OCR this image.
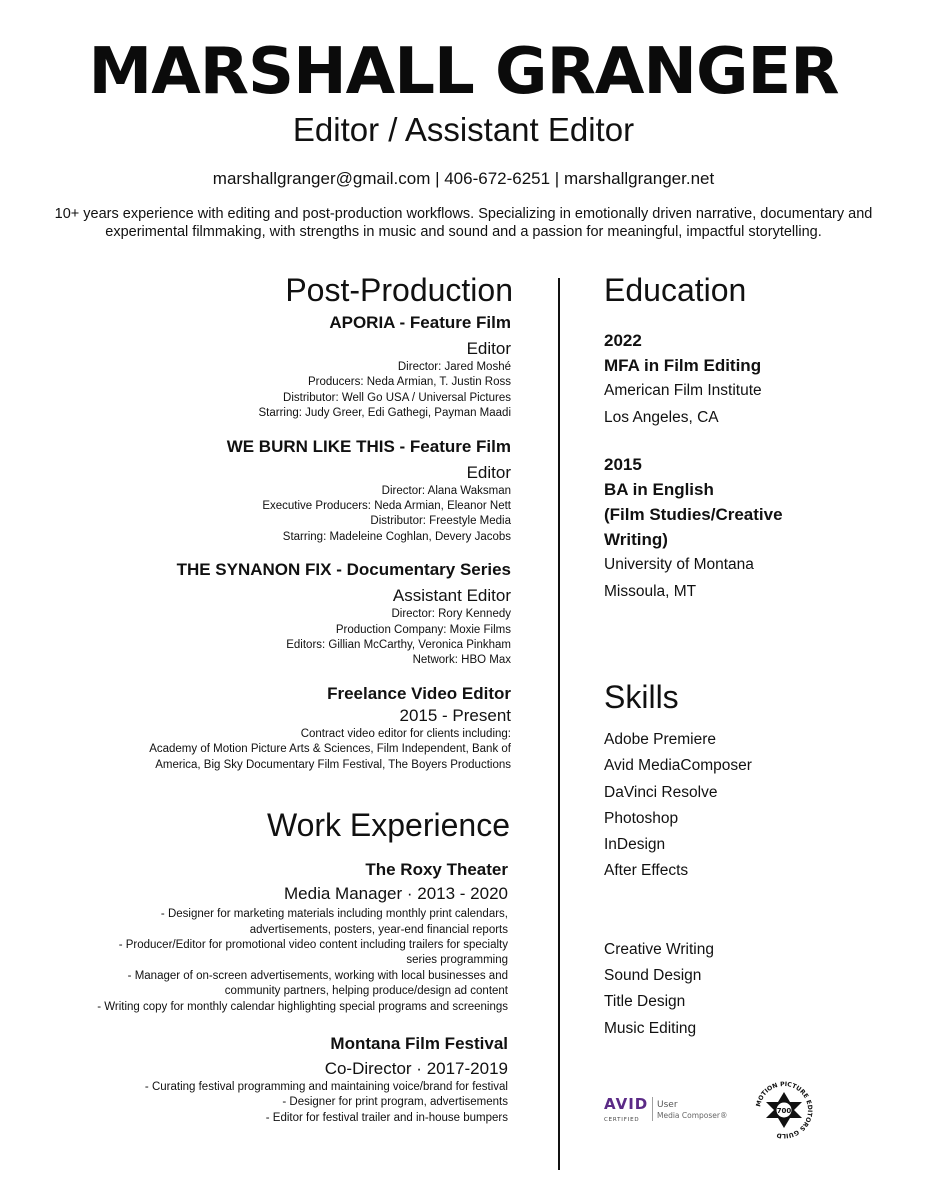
MARSHALL GRANGER
Editor / Assistant Editor
marshallgranger@gmail.com | 406-672-6251 | marshallgranger.net
10+ years experience with editing and post-production workflows. Specializing in emotionally driven narrative, documentary and experimental filmmaking, with strengths in music and sound and a passion for meaningful, impactful storytelling.
Post-Production
APORIA - Feature Film
Editor
Director: Jared Moshé
Producers: Neda Armian, T. Justin Ross
Distributor: Well Go USA / Universal Pictures
Starring: Judy Greer, Edi Gathegi, Payman Maadi
WE BURN LIKE THIS - Feature Film
Editor
Director: Alana Waksman
Executive Producers: Neda Armian, Eleanor Nett
Distributor: Freestyle Media
Starring: Madeleine Coghlan, Devery Jacobs
THE SYNANON FIX - Documentary Series
Assistant Editor
Director: Rory Kennedy
Production Company: Moxie Films
Editors: Gillian McCarthy, Veronica Pinkham
Network: HBO Max
Freelance Video Editor
2015 - Present
Contract video editor for clients including:
Academy of Motion Picture Arts & Sciences, Film Independent, Bank of
America, Big Sky Documentary Film Festival, The Boyers Productions
Work Experience
The Roxy Theater
Media Manager · 2013 - 2020
- Designer for marketing materials including monthly print calendars,
advertisements, posters, year-end financial reports
- Producer/Editor for promotional video content including trailers for specialty
series programming
- Manager of on-screen advertisements, working with local businesses and
community partners, helping produce/design ad content
- Writing copy for monthly calendar highlighting special programs and screenings
Montana Film Festival
Co-Director · 2017-2019
- Curating festival programming and maintaining voice/brand for festival
- Designer for print program, advertisements
- Editor for festival trailer and in-house bumpers
Education
2022
MFA in Film Editing
American Film Institute
Los Angeles, CA
2015
BA in English
(Film Studies/Creative
Writing)
University of Montana
Missoula, MT
Skills
Adobe Premiere
Avid MediaComposer
DaVinci Resolve
Photoshop
InDesign
After Effects
Creative Writing
Sound Design
Title Design
Music Editing
AVID
CERTIFIED
User
Media Composer®
MOTION PICTURE EDITORS GUILD
700
